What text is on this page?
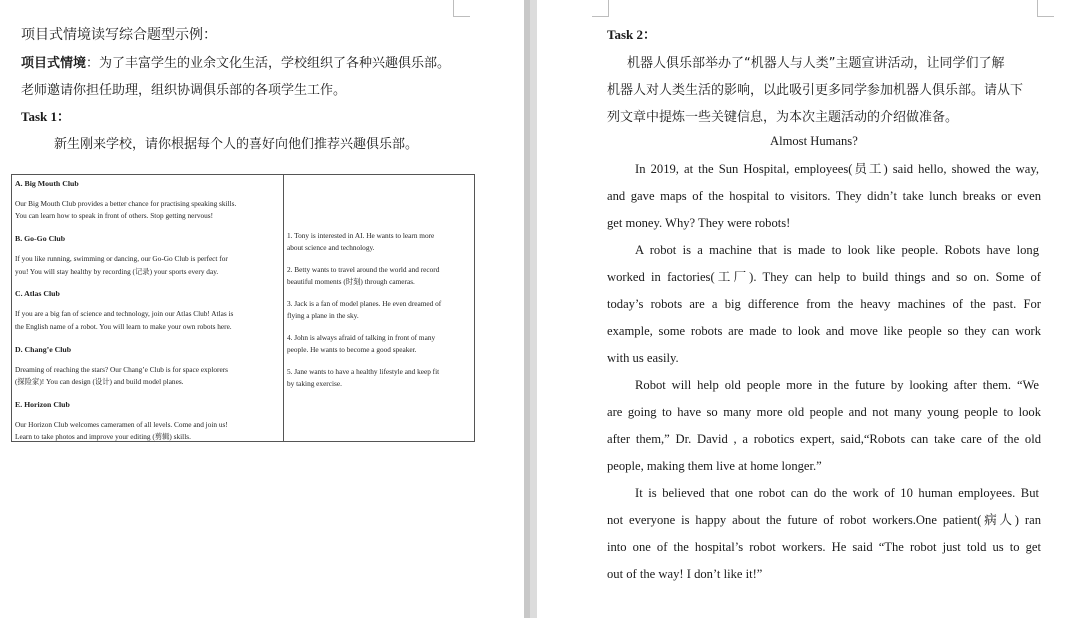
项目式情境读写综合题型示例：
项目式情境：为了丰富学生的业余文化生活，学校组织了各种兴趣俱乐部。
老师邀请你担任助理，组织协调俱乐部的各项学生工作。
Task 1：
新生刚来学校，请你根据每个人的喜好向他们推荐兴趣俱乐部。
A. Big Mouth Club
Our Big Mouth Club provides a better chance for practising speaking skills.
You can learn how to speak in front of others. Stop getting nervous!
B. Go-Go Club
If you like running, swimming or dancing, our Go-Go Club is perfect for
you! You will stay healthy by recording (记录) your sports every day.
C. Atlas Club
If you are a big fan of science and technology, join our Atlas Club! Atlas is
the English name of a robot. You will learn to make your own robots here.
D. Chang’e Club
Dreaming of reaching the stars? Our Chang’e Club is for space explorers
(探险家)! You can design (设计) and build model planes.
E. Horizon Club
Our Horizon Club welcomes cameramen of all levels. Come and join us!
Learn to take photos and improve your editing (剪辑) skills.
1. Tony is interested in AI. He wants to learn more
about science and technology.
2. Betty wants to travel around the world and record
beautiful moments (时刻) through cameras.
3. Jack is a fan of model planes. He even dreamed of
flying a plane in the sky.
4. John is always afraid of talking in front of many
people. He wants to become a good speaker.
5. Jane wants to have a healthy lifestyle and keep fit
by taking exercise.
Task 2：
机器人俱乐部举办了“机器人与人类”主题宣讲活动，让同学们了解
机器人对人类生活的影响，以此吸引更多同学参加机器人俱乐部。请从下
列文章中提炼一些关键信息，为本次主题活动的介绍做准备。
Almost Humans?
In 2019, at the Sun Hospital, employees(员工) said hello, showed the way,
and gave maps of the hospital to visitors. They didn’t take lunch breaks or even
get money. Why? They were robots!
A robot is a machine that is made to look like people. Robots have long
worked in factories(工厂). They can help to build things and so on. Some of
today’s robots are a big difference from the heavy machines of the past. For
example, some robots are made to look and move like people so they can work
with us easily.
Robot will help old people more in the future by looking after them. “We
are going to have so many more old people and not many young people to look
after them,” Dr. David , a robotics expert, said,“Robots can take care of the old
people, making them live at home longer.”
It is believed that one robot can do the work of 10 human employees. But
not everyone is happy about the future of robot workers.One patient(病人) ran
into one of the hospital’s robot workers. He said “The robot just told us to get
out of the way! I don’t like it!”
